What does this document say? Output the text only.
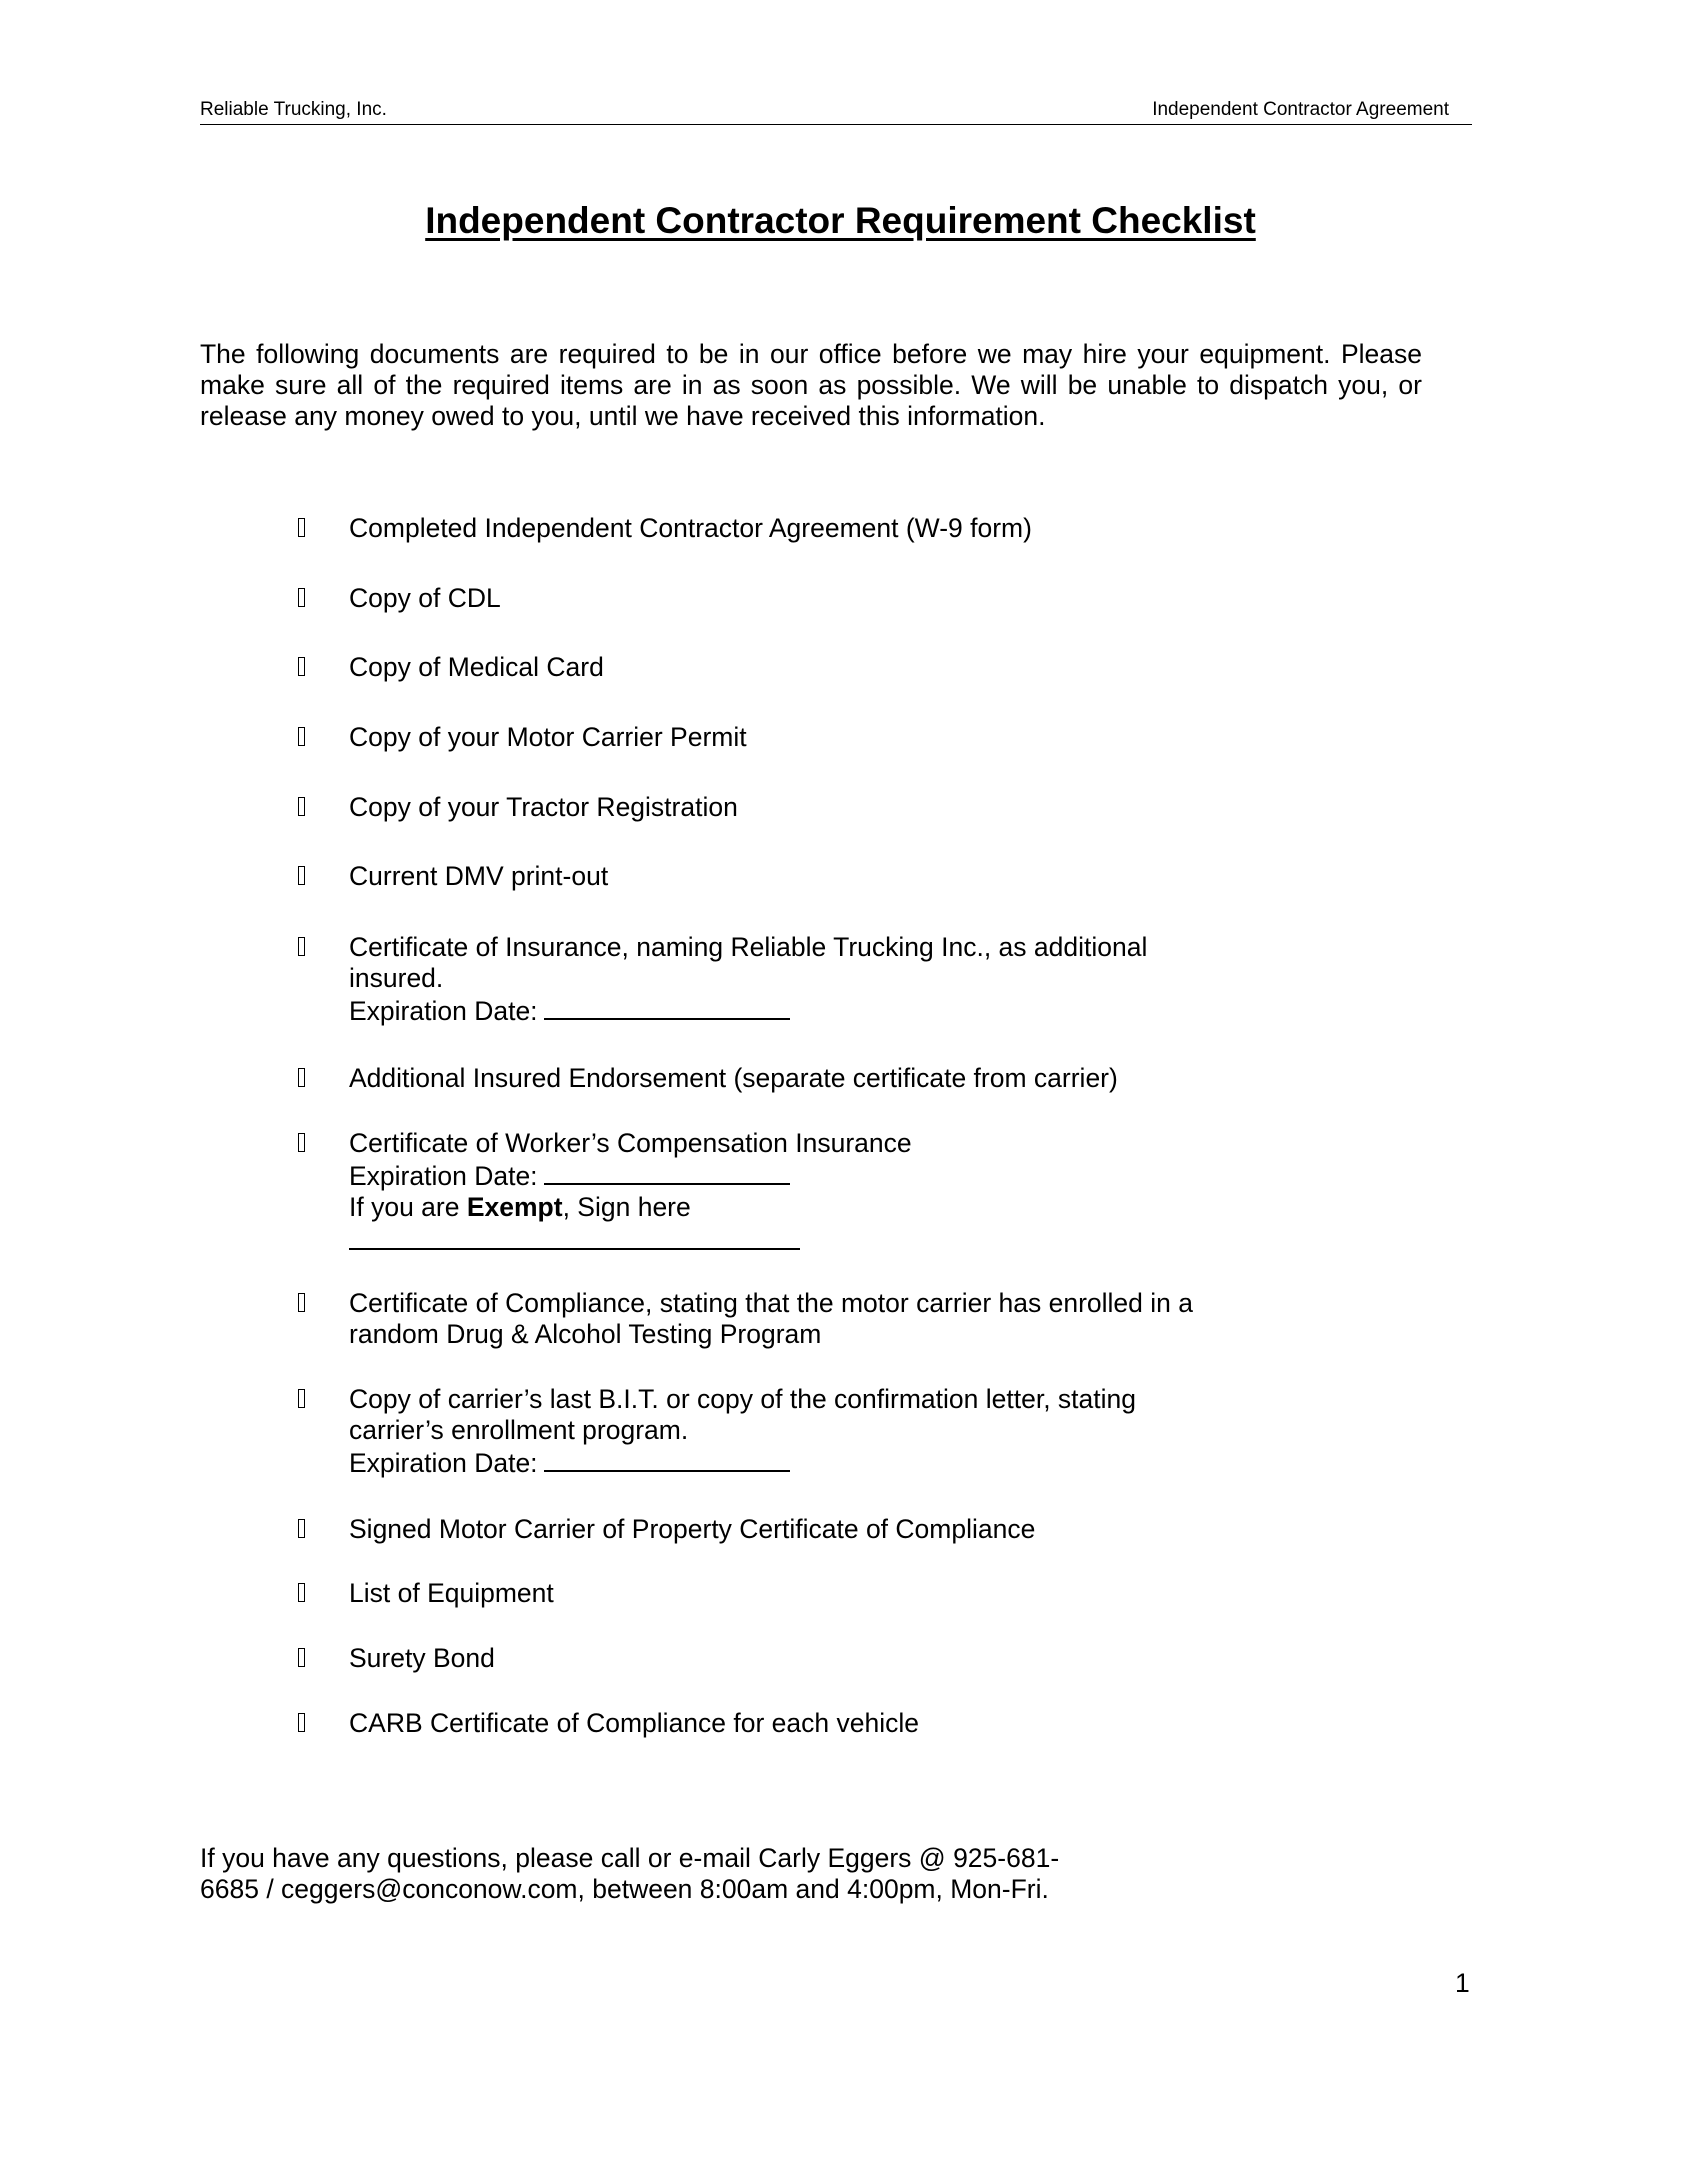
Reliable Trucking, Inc.	Independent Contractor Agreement
Independent Contractor Requirement Checklist

The following documents are required to be in our office before we may hire your equipment. Please make sure all of the required items are in as soon as possible. We will be unable to dispatch you, or release any money owed to you, until we have received this information.

Completed Independent Contractor Agreement (W-9 form)
Copy of CDL
Copy of Medical Card
Copy of your Motor Carrier Permit
Copy of your Tractor Registration
Current DMV print-out
Certificate of Insurance, naming Reliable Trucking Inc., as additional
insured.
Expiration Date:
Additional Insured Endorsement (separate certificate from carrier)
Certificate of Worker’s Compensation Insurance
Expiration Date:
If you are Exempt, Sign here
Certificate of Compliance, stating that the motor carrier has enrolled in a
random Drug & Alcohol Testing Program
Copy of carrier’s last B.I.T. or copy of the confirmation letter, stating
carrier’s enrollment program.
Expiration Date:
Signed Motor Carrier of Property Certificate of Compliance
List of Equipment
Surety Bond
CARB Certificate of Compliance for each vehicle

If you have any questions, please call or e-mail Carly Eggers @ 925-681-
6685 / ceggers@conconow.com, between 8:00am and 4:00pm, Mon-Fri.

1
